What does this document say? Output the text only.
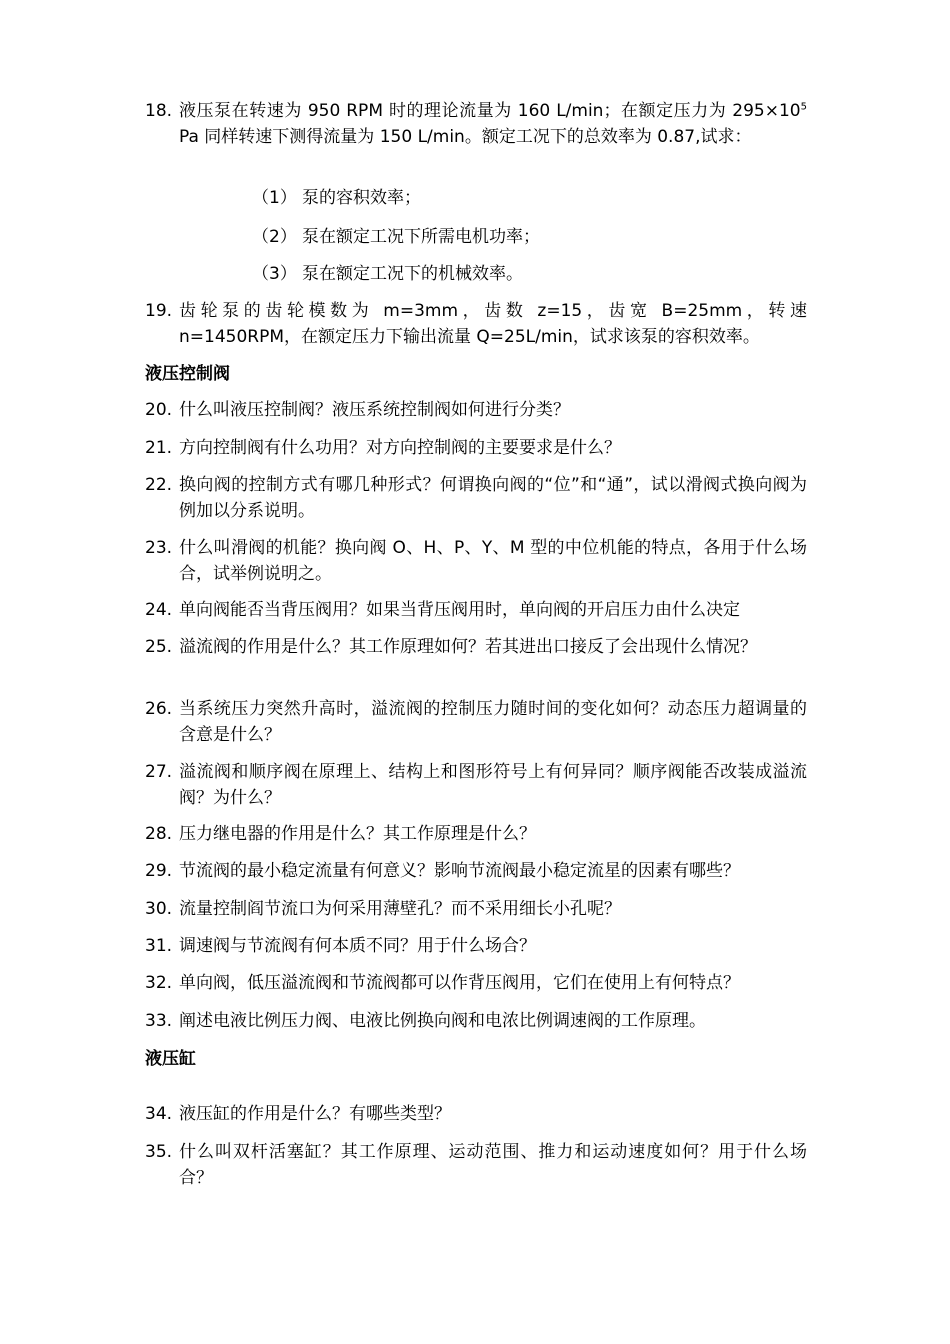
18. 液压泵在转速为 950 RPM 时的理论流量为 160 L/min；在额定压力为 $295\times 10^5$ Pa 同样转速下测得流量为 150 L/min。额定工况下的总效率为 0.87,试求：
（1） 泵的容积效率；
（2） 泵在额定工况下所需电机功率；
（3） 泵在额定工况下的机械效率。
19. 齿轮泵的齿轮模数为 m=3mm，齿数 z=15，齿宽 B=25mm，转速 n=1450RPM，在额定压力下输出流量 Q=25L/min，试求该泵的容积效率。
液压控制阀
20. 什么叫液压控制阀？液压系统控制阀如何进行分类？
21. 方向控制阀有什么功用？对方向控制阀的主要要求是什么？
22. 换向阀的控制方式有哪几种形式？何谓换向阀的“位”和“通”，试以滑阀式换向阀为例加以分系说明。
23. 什么叫滑阀的机能？换向阀 O、H、P、Y、M 型的中位机能的特点，各用于什么场合，试举例说明之。
24. 单向阀能否当背压阀用？如果当背压阀用时，单向阀的开启压力由什么决定
25. 溢流阀的作用是什么？其工作原理如何？若其进出口接反了会出现什么情况？
26. 当系统压力突然升高时，溢流阀的控制压力随时间的变化如何？动态压力超调量的含意是什么？
27. 溢流阀和顺序阀在原理上、结构上和图形符号上有何异同？顺序阀能否改装成溢流阀？为什么？
28. 压力继电器的作用是什么？其工作原理是什么？
29. 节流阀的最小稳定流量有何意义？影响节流阀最小稳定流星的因素有哪些？
30. 流量控制阎节流口为何采用薄壁孔？而不采用细长小孔呢？
31. 调速阀与节流阀有何本质不同？用于什么场合？
32. 单向阀，低压溢流阀和节流阀都可以作背压阀用，它们在使用上有何特点？
33. 阐述电液比例压力阀、电液比例换向阀和电浓比例调速阀的工作原理。
液压缸
34. 液压缸的作用是什么？有哪些类型？
35. 什么叫双杆活塞缸？其工作原理、运动范围、推力和运动速度如何？用于什么场合？
